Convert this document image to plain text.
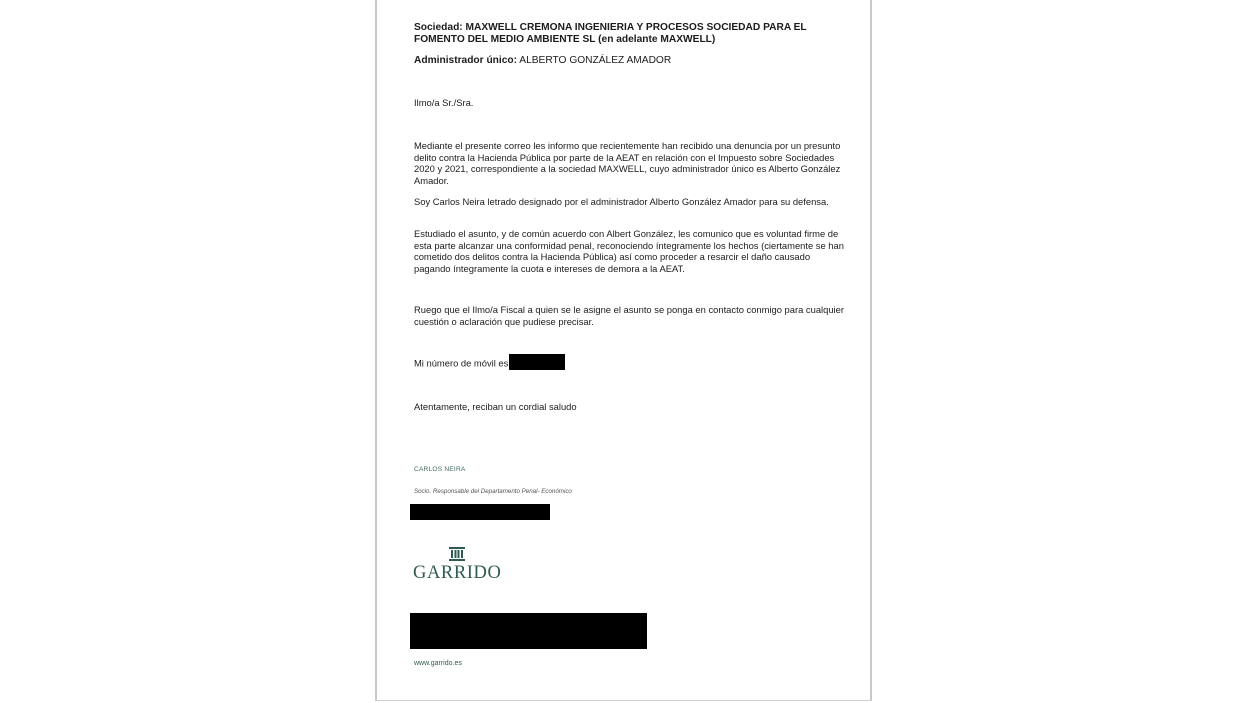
Sociedad: MAXWELL CREMONA INGENIERIA Y PROCESOS SOCIEDAD PARA EL FOMENTO DEL MEDIO AMBIENTE SL (en adelante MAXWELL)

Administrador único: ALBERTO GONZÁLEZ AMADOR

Ilmo/a Sr./Sra.

Mediante el presente correo les informo que recientemente han recibido una denuncia por un presunto delito contra la Hacienda Pública por parte de la AEAT en relación con el Impuesto sobre Sociedades 2020 y 2021, correspondiente a la sociedad MAXWELL, cuyo administrador único es Alberto González Amador.

Soy Carlos Neira letrado designado por el administrador Alberto González Amador para su defensa.

Estudiado el asunto, y de común acuerdo con Albert González, les comunico que es voluntad firme de esta parte alcanzar una conformidad penal, reconociendo íntegramente los hechos (ciertamente se han cometido dos delitos contra la Hacienda Pública) así como proceder a resarcir el daño causado pagando íntegramente la cuota e intereses de demora a la AEAT.

Ruego que el Ilmo/a Fiscal a quien se le asigne el asunto se ponga en contacto conmigo para cualquier cuestión o aclaración que pudiese precisar.

Mi número de móvil es

Atentamente, reciban un cordial saludo

CARLOS NEIRA

Socio. Responsable del Departamento Penal- Económico

GARRIDO

www.garrido.es
